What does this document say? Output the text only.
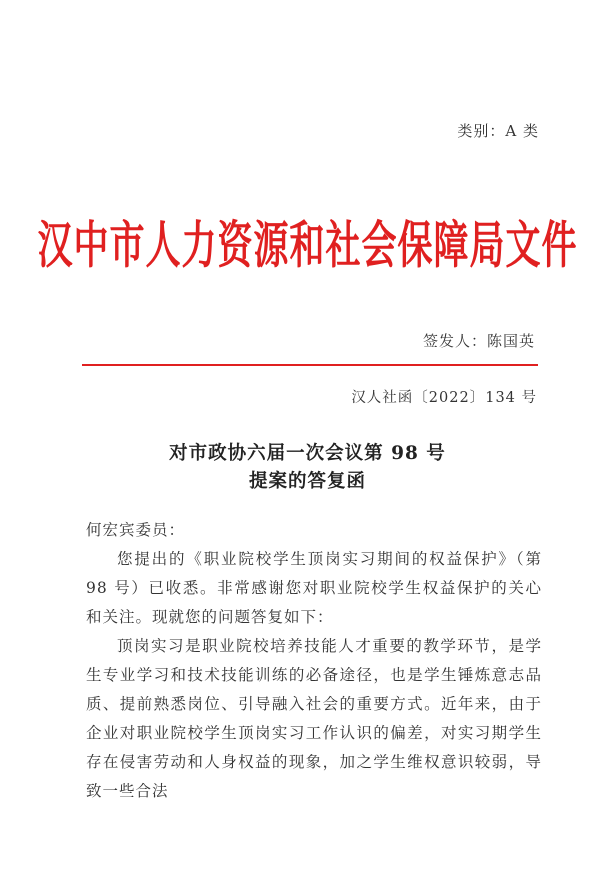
类别：A 类
汉中市人力资源和社会保障局文件
签发人：陈国英
汉人社函〔2022〕134 号
对市政协六届一次会议第 98 号
提案的答复函

何宏宾委员：

您提出的《职业院校学生顶岗实习期间的权益保护》（第 98 号）已收悉。非常感谢您对职业院校学生权益保护的关心和关注。现就您的问题答复如下：

顶岗实习是职业院校培养技能人才重要的教学环节，是学生专业学习和技术技能训练的必备途径，也是学生锤炼意志品质、提前熟悉岗位、引导融入社会的重要方式。近年来，由于企业对职业院校学生顶岗实习工作认识的偏差，对实习期学生存在侵害劳动和人身权益的现象，加之学生维权意识较弱，导致一些合法
